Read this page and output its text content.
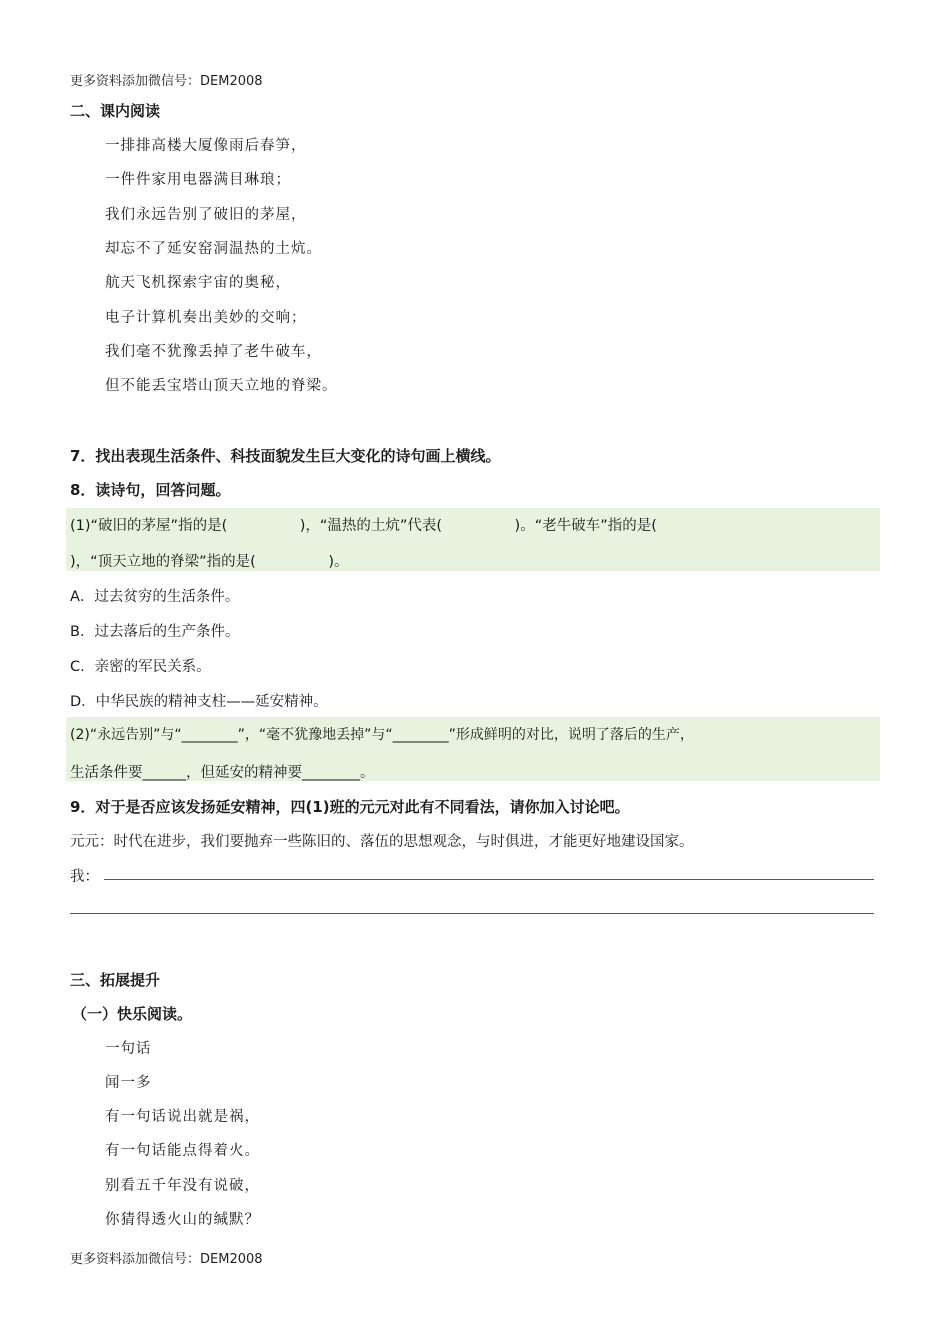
更多资料添加微信号：DEM2008
二、课内阅读
一排排高楼大厦像雨后春笋，
一件件家用电器满目琳琅；
我们永远告别了破旧的茅屋，
却忘不了延安窑洞温热的土炕。
航天飞机探索宇宙的奥秘，
电子计算机奏出美妙的交响；
我们毫不犹豫丢掉了老牛破车，
但不能丢宝塔山顶天立地的脊梁。
7．找出表现生活条件、科技面貌发生巨大变化的诗句画上横线。
8．读诗句，回答问题。
(1)“破旧的茅屋”指的是(　　　　　)，“温热的土炕”代表(　　　　　)。“老牛破车”指的是(
)，“顶天立地的脊梁”指的是(　　　　　)。
A．过去贫穷的生活条件。
B．过去落后的生产条件。
C．亲密的军民关系。
D．中华民族的精神支柱——延安精神。
(2)“永远告别”与“________”，“毫不犹豫地丢掉”与“________”形成鲜明的对比，说明了落后的生产，
生活条件要______，但延安的精神要________。
9．对于是否应该发扬延安精神，四(1)班的元元对此有不同看法，请你加入讨论吧。
元元：时代在进步，我们要抛弃一些陈旧的、落伍的思想观念，与时俱进，才能更好地建设国家。
我：
三、拓展提升
（一）快乐阅读。
一句话
闻一多
有一句话说出就是祸，
有一句话能点得着火。
别看五千年没有说破，
你猜得透火山的缄默？
更多资料添加微信号：DEM2008
